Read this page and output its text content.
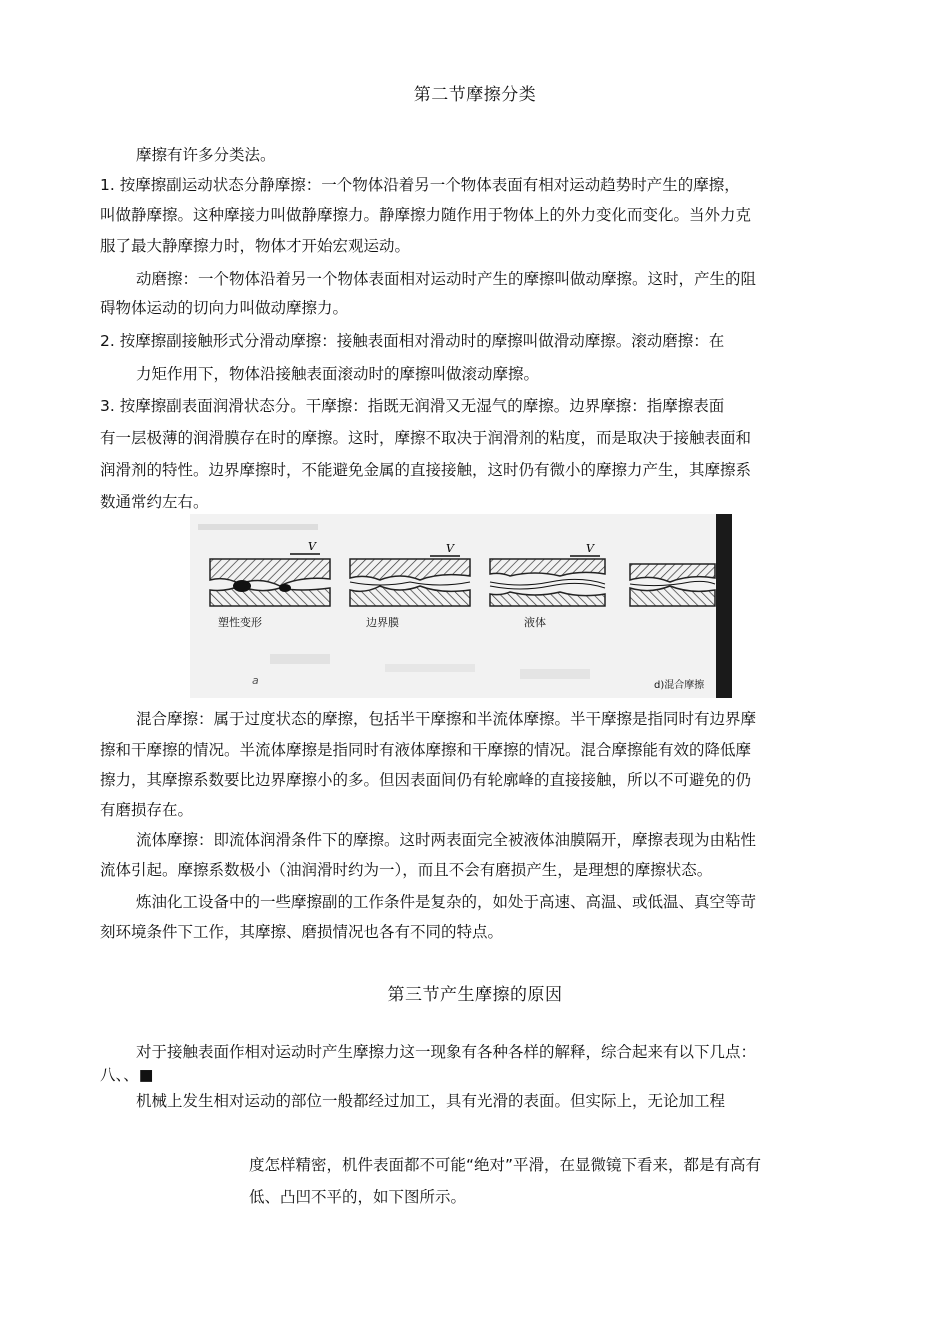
第二节摩擦分类
摩擦有许多分类法。
1. 按摩擦副运动状态分静摩擦：一个物体沿着另一个物体表面有相对运动趋势时产生的摩擦，
叫做静摩擦。这种摩接力叫做静摩擦力。静摩擦力随作用于物体上的外力变化而变化。当外力克
服了最大静摩擦力时，物体才开始宏观运动。
动磨擦：一个物体沿着另一个物体表面相对运动时产生的摩擦叫做动摩擦。这时，产生的阻
碍物体运动的切向力叫做动摩擦力。
2. 按摩擦副接触形式分滑动摩擦：接触表面相对滑动时的摩擦叫做滑动摩擦。滚动磨擦：在
力矩作用下，物体沿接触表面滚动时的摩擦叫做滚动摩擦。
3. 按摩擦副表面润滑状态分。干摩擦：指既无润滑又无湿气的摩擦。边界摩擦：指摩擦表面
有一层极薄的润滑膜存在时的摩擦。这时，摩擦不取决于润滑剂的粘度，而是取决于接触表面和
润滑剂的特性。边界摩擦时，不能避免金属的直接接触，这时仍有微小的摩擦力产生，其摩擦系
数通常约左右。
V
塑性变形
a
V
边界膜
V
液体
d)混合摩擦
混合摩擦：属于过度状态的摩擦，包括半干摩擦和半流体摩擦。半干摩擦是指同时有边界摩
擦和干摩擦的情况。半流体摩擦是指同时有液体摩擦和干摩擦的情况。混合摩擦能有效的降低摩
擦力，其摩擦系数要比边界摩擦小的多。但因表面间仍有轮廓峰的直接接触，所以不可避免的仍
有磨损存在。
流体摩擦：即流体润滑条件下的摩擦。这时两表面完全被液体油膜隔开，摩擦表现为由粘性
流体引起。摩擦系数极小（油润滑时约为一），而且不会有磨损产生，是理想的摩擦状态。
炼油化工设备中的一些摩擦副的工作条件是复杂的，如处于高速、高温、或低温、真空等苛
刻环境条件下工作，其摩擦、磨损情况也各有不同的特点。
第三节产生摩擦的原因
对于接触表面作相对运动时产生摩擦力这一现象有各种各样的解释，综合起来有以下几点：
八、、■
机械上发生相对运动的部位一般都经过加工，具有光滑的表面。但实际上，无论加工程
度怎样精密，机件表面都不可能“绝对”平滑，在显微镜下看来，都是有高有
低、凸凹不平的，如下图所示。
